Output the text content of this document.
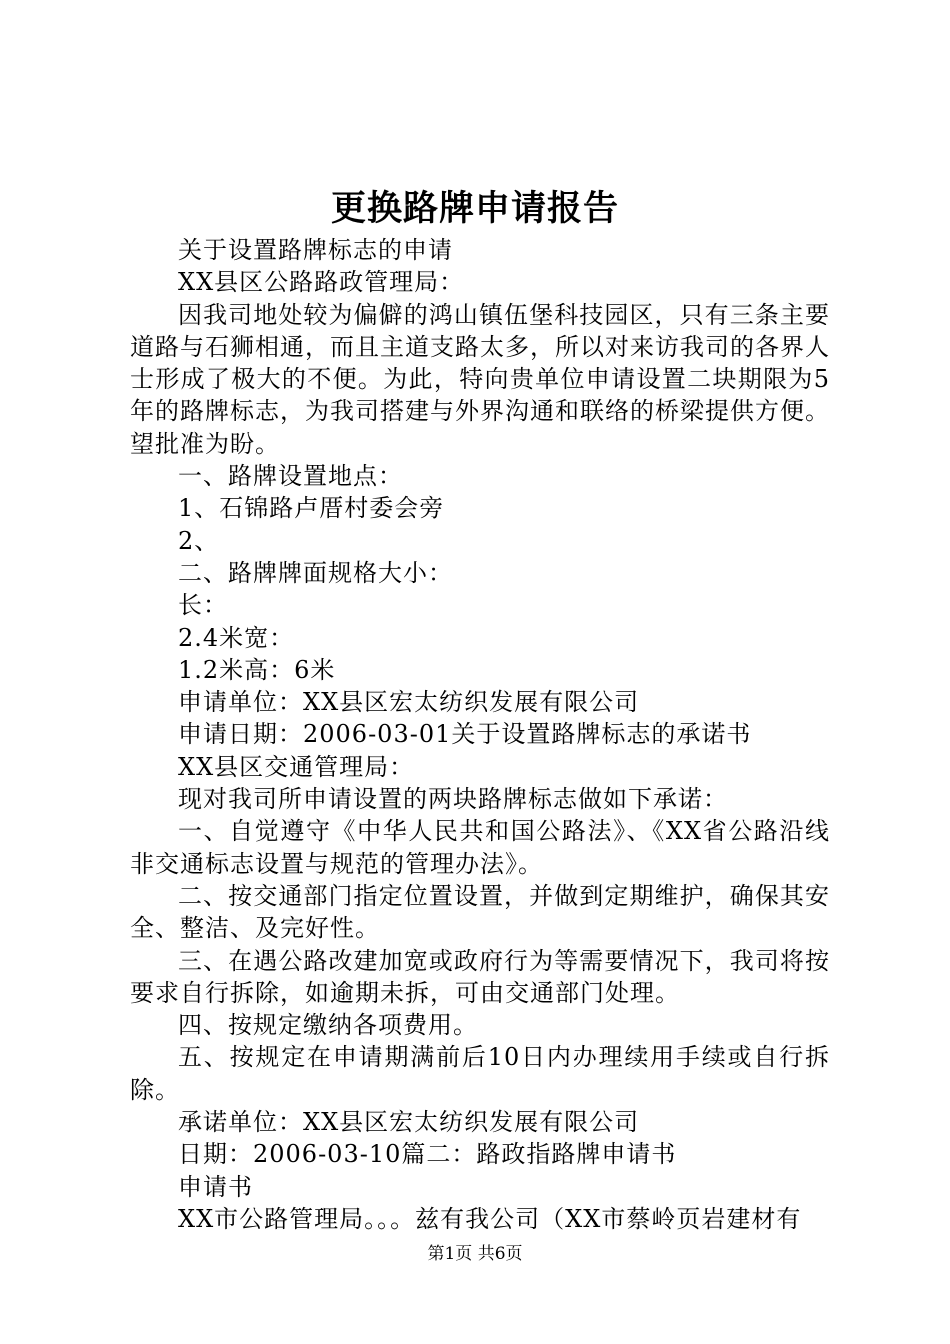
更换路牌申请报告

关于设置路牌标志的申请

XX县区公路路政管理局：

因我司地处较为偏僻的鸿山镇伍堡科技园区，只有三条主要道路与石狮相通，而且主道支路太多，所以对来访我司的各界人士形成了极大的不便。为此，特向贵单位申请设置二块期限为5年的路牌标志，为我司搭建与外界沟通和联络的桥梁提供方便。望批准为盼。

一、路牌设置地点：

1、石锦路卢厝村委会旁

2、

二、路牌牌面规格大小：

长：

2.4米宽：

1.2米高：6米

申请单位：XX县区宏太纺织发展有限公司

申请日期：2006-03-01关于设置路牌标志的承诺书

XX县区交通管理局：

现对我司所申请设置的两块路牌标志做如下承诺：

一、自觉遵守《中华人民共和国公路法》、《XX省公路沿线非交通标志设置与规范的管理办法》。

二、按交通部门指定位置设置，并做到定期维护，确保其安全、整洁、及完好性。

三、在遇公路改建加宽或政府行为等需要情况下，我司将按要求自行拆除，如逾期未拆，可由交通部门处理。

四、按规定缴纳各项费用。

五、按规定在申请期满前后10日内办理续用手续或自行拆除。

承诺单位：XX县区宏太纺织发展有限公司

日期：2006-03-10篇二：路政指路牌申请书

申请书

XX市公路管理局。。。兹有我公司（XX市蔡岭页岩建材有

第1页 共6页
